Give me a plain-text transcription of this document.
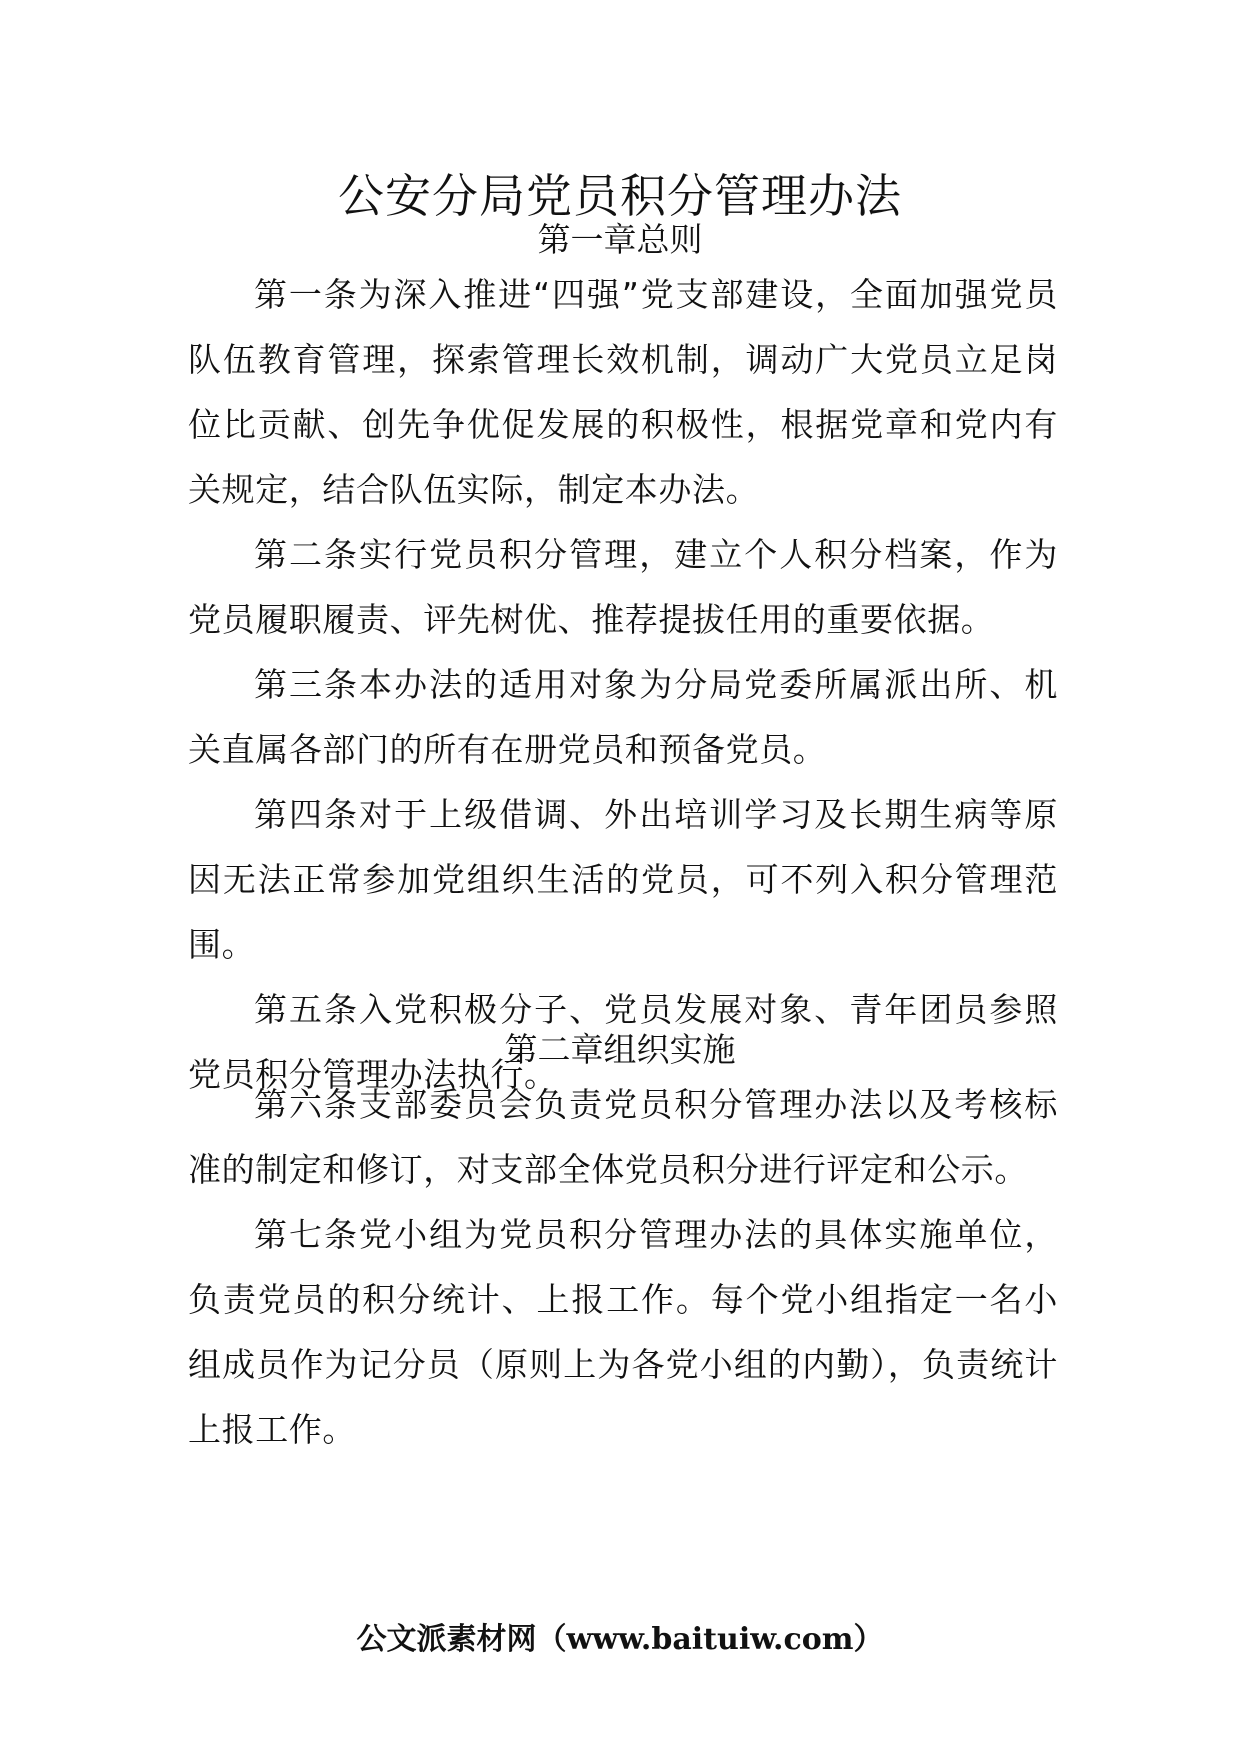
公安分局党员积分管理办法
第一章总则

第一条为深入推进“四强”党支部建设，全面加强党员队伍教育管理，探索管理长效机制，调动广大党员立足岗位比贡献、创先争优促发展的积极性，根据党章和党内有关规定，结合队伍实际，制定本办法。

第二条实行党员积分管理，建立个人积分档案，作为党员履职履责、评先树优、推荐提拔任用的重要依据。

第三条本办法的适用对象为分局党委所属派出所、机关直属各部门的所有在册党员和预备党员。

第四条对于上级借调、外出培训学习及长期生病等原因无法正常参加党组织生活的党员，可不列入积分管理范围。

第五条入党积极分子、党员发展对象、青年团员参照党员积分管理办法执行。

第二章组织实施

第六条支部委员会负责党员积分管理办法以及考核标准的制定和修订，对支部全体党员积分进行评定和公示。

第七条党小组为党员积分管理办法的具体实施单位，负责党员的积分统计、上报工作。每个党小组指定一名小组成员作为记分员（原则上为各党小组的内勤），负责统计上报工作。

公文派素材网（www.baituiw.com）
